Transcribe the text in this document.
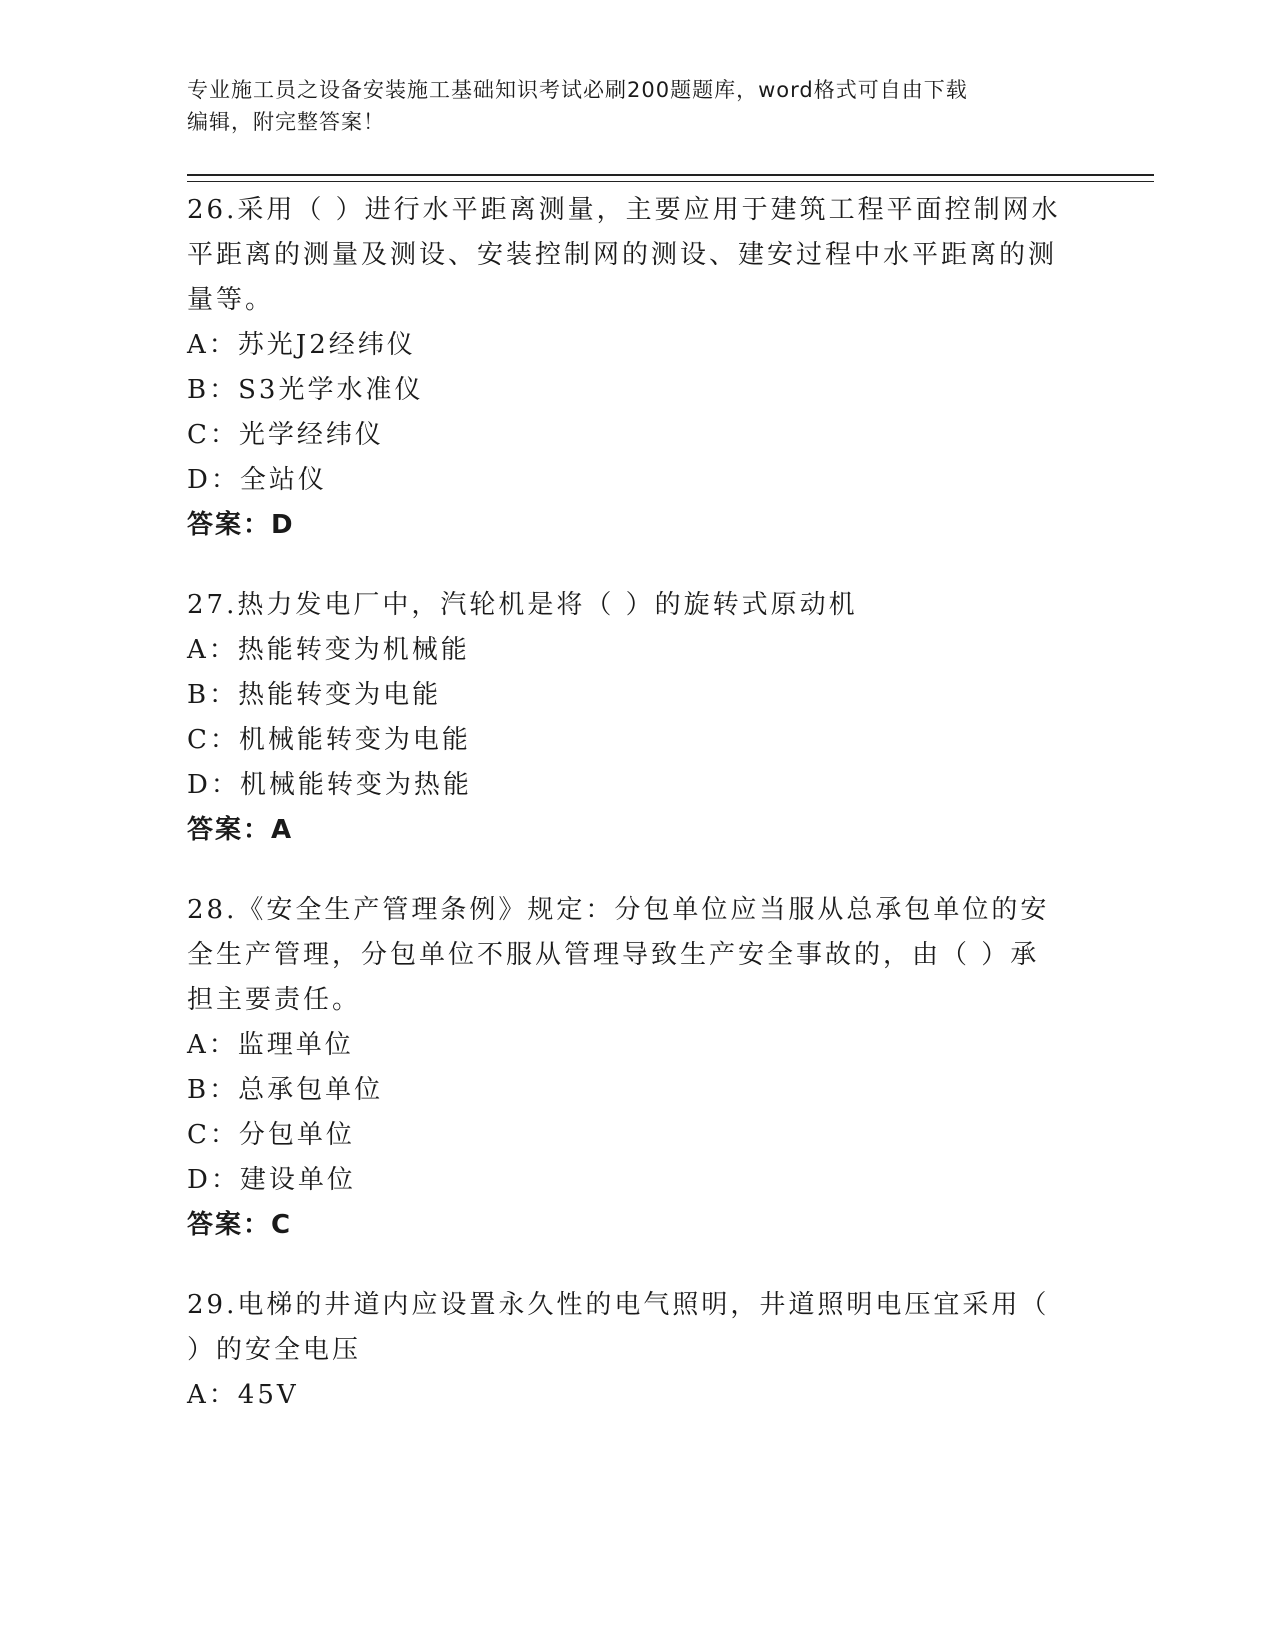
专业施工员之设备安装施工基础知识考试必刷200题题库，word格式可自由下载
编辑，附完整答案！
26.采用（ ）进行水平距离测量，主要应用于建筑工程平面控制网水平距离的测量及测设、安装控制网的测设、建安过程中水平距离的测量等。
A：苏光J2经纬仪
B：S3光学水准仪
C：光学经纬仪
D：全站仪
答案：D
27.热力发电厂中，汽轮机是将（ ）的旋转式原动机
A：热能转变为机械能
B：热能转变为电能
C：机械能转变为电能
D：机械能转变为热能
答案：A
28.《安全生产管理条例》规定：分包单位应当服从总承包单位的安全生产管理，分包单位不服从管理导致生产安全事故的，由（ ）承担主要责任。
A：监理单位
B：总承包单位
C：分包单位
D：建设单位
答案：C
29.电梯的井道内应设置永久性的电气照明，井道照明电压宜采用（ ）的安全电压
A：45V
